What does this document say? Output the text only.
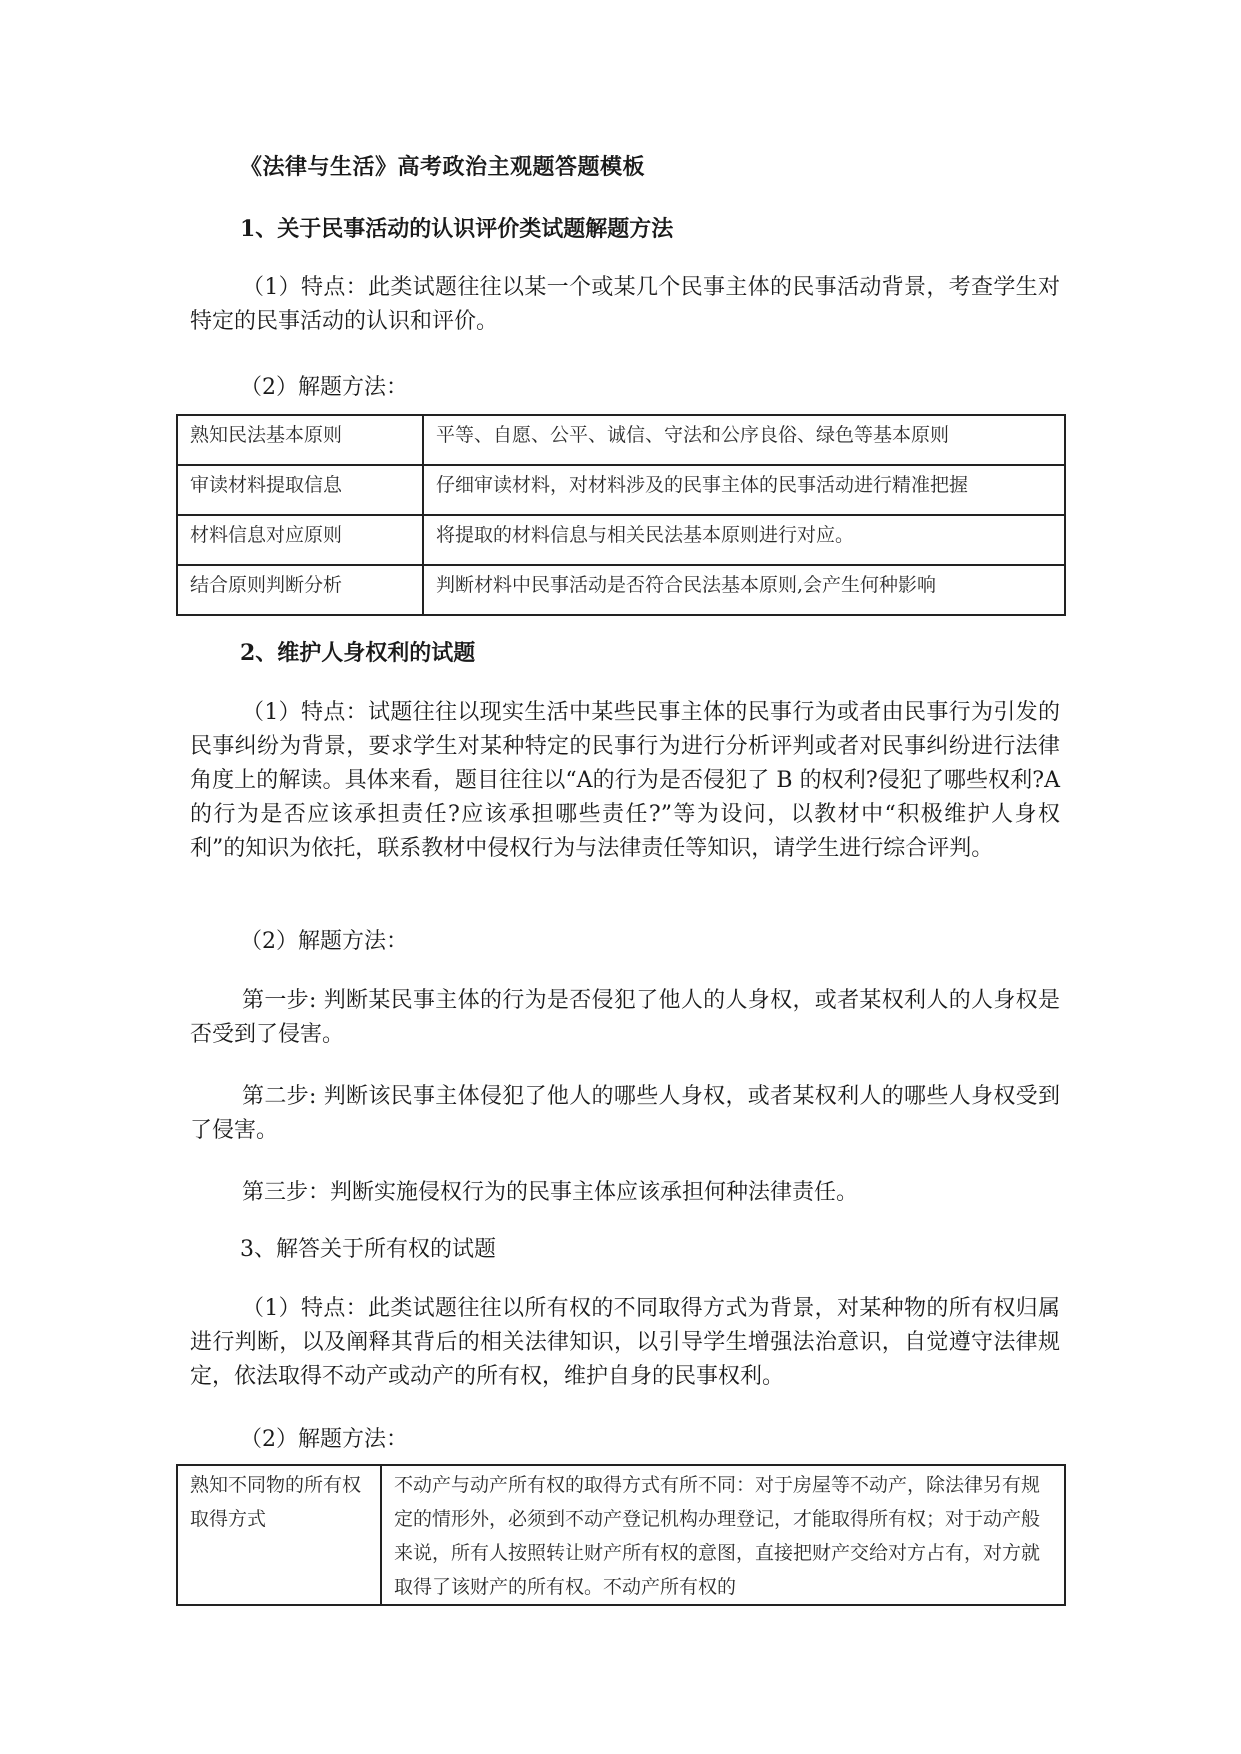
《法律与生活》高考政治主观题答题模板
1、关于民事活动的认识评价类试题解题方法
（1）特点：此类试题往往以某一个或某几个民事主体的民事活动背景，考查学生对特定的民事活动的认识和评价。
（2）解题方法：
熟知民法基本原则	平等、自愿、公平、诚信、守法和公序良俗、绿色等基本原则
审读材料提取信息	仔细审读材料，对材料涉及的民事主体的民事活动进行精准把握
材料信息对应原则	将提取的材料信息与相关民法基本原则进行对应。
结合原则判断分析	判断材料中民事活动是否符合民法基本原则,会产生何种影响
2、维护人身权利的试题
（1）特点：试题往往以现实生活中某些民事主体的民事行为或者由民事行为引发的民事纠纷为背景，要求学生对某种特定的民事行为进行分析评判或者对民事纠纷进行法律角度上的解读。具体来看，题目往往以“A的行为是否侵犯了 B 的权利?侵犯了哪些权利?A的行为是否应该承担责任?应该承担哪些责任?”等为设问，以教材中“积极维护人身权利”的知识为依托，联系教材中侵权行为与法律责任等知识，请学生进行综合评判。
（2）解题方法：
第一步: 判断某民事主体的行为是否侵犯了他人的人身权，或者某权利人的人身权是否受到了侵害。
第二步: 判断该民事主体侵犯了他人的哪些人身权，或者某权利人的哪些人身权受到了侵害。
第三步：判断实施侵权行为的民事主体应该承担何种法律责任。
3、解答关于所有权的试题
（1）特点：此类试题往往以所有权的不同取得方式为背景，对某种物的所有权归属进行判断，以及阐释其背后的相关法律知识，以引导学生增强法治意识，自觉遵守法律规定，依法取得不动产或动产的所有权，维护自身的民事权利。
（2）解题方法：
熟知不同物的所有权取得方式	不动产与动产所有权的取得方式有所不同：对于房屋等不动产，除法律另有规定的情形外，必须到不动产登记机构办理登记，才能取得所有权；对于动产般来说，所有人按照转让财产所有权的意图，直接把财产交给对方占有，对方就取得了该财产的所有权。不动产所有权的
